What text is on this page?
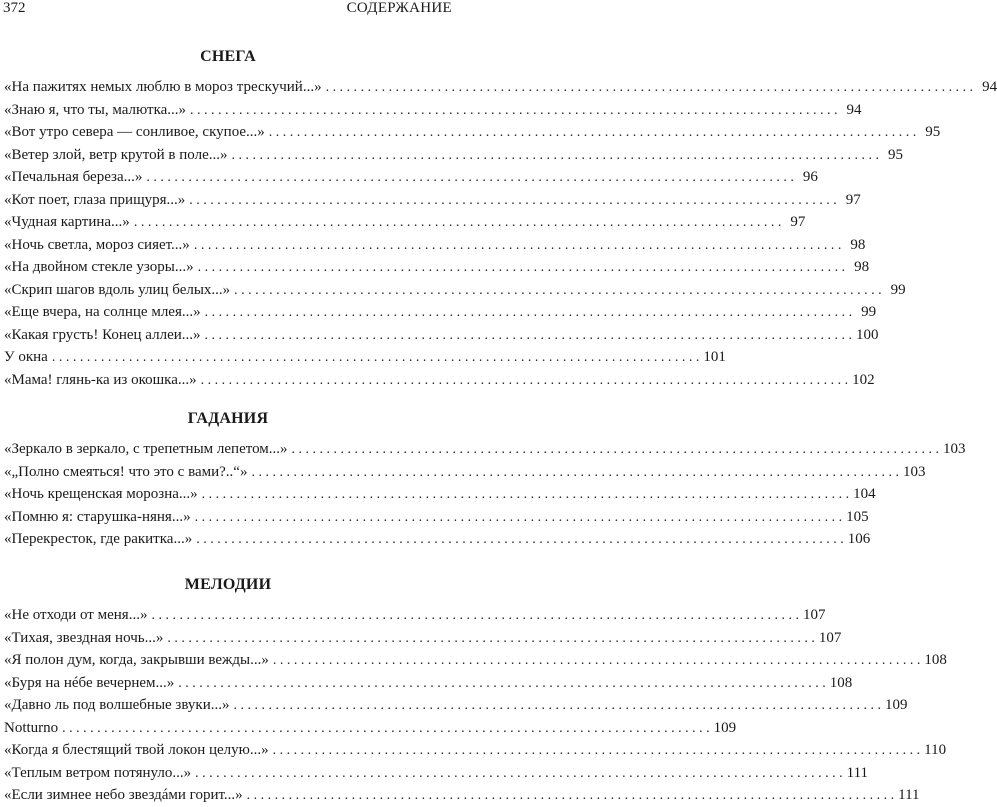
372	СОДЕРЖАНИЕ
СНЕГА
«На пажитях немых люблю в мороз трескучий...» . . .	94
«Знаю я, что ты, малютка...» . . .	94
«Вот утро севера — сонливое, скупое...» . . .	95
«Ветер злой, ветр крутой в поле...» . . .	95
«Печальная береза...» . . .	96
«Кот поет, глаза прищуря...» . . .	97
«Чудная картина...» . . .	97
«Ночь светла, мороз сияет...» . . .	98
«На двойном стекле узоры...» . . .	98
«Скрип шагов вдоль улиц белых...» . . .	99
«Еще вчера, на солнце млея...» . . .	99
«Какая грусть! Конец аллеи...» . . .	100
У окна . . .	101
«Мама! глянь-ка из окошка...» . . .	102
ГАДАНИЯ
«Зеркало в зеркало, с трепетным лепетом...» . . .	103
«„Полно смеяться! что это с вами?..“» . . .	103
«Ночь крещенская морозна...» . . .	104
«Помню я: старушка-няня...» . . .	105
«Перекресток, где ракитка...» . . .	106
МЕЛОДИИ
«Не отходи от меня...» . . .	107
«Тихая, звездная ночь...» . . .	107
«Я полон дум, когда, закрывши вежды...» . . .	108
«Буря на нéбе вечернем...» . . .	108
«Давно ль под волшебные звуки...» . . .	109
Notturno . . .	109
«Когда я блестящий твой локон целую...» . . .	110
«Теплым ветром потянуло...» . . .	111
«Если зимнее небо звездáми горит...» . . .	111
